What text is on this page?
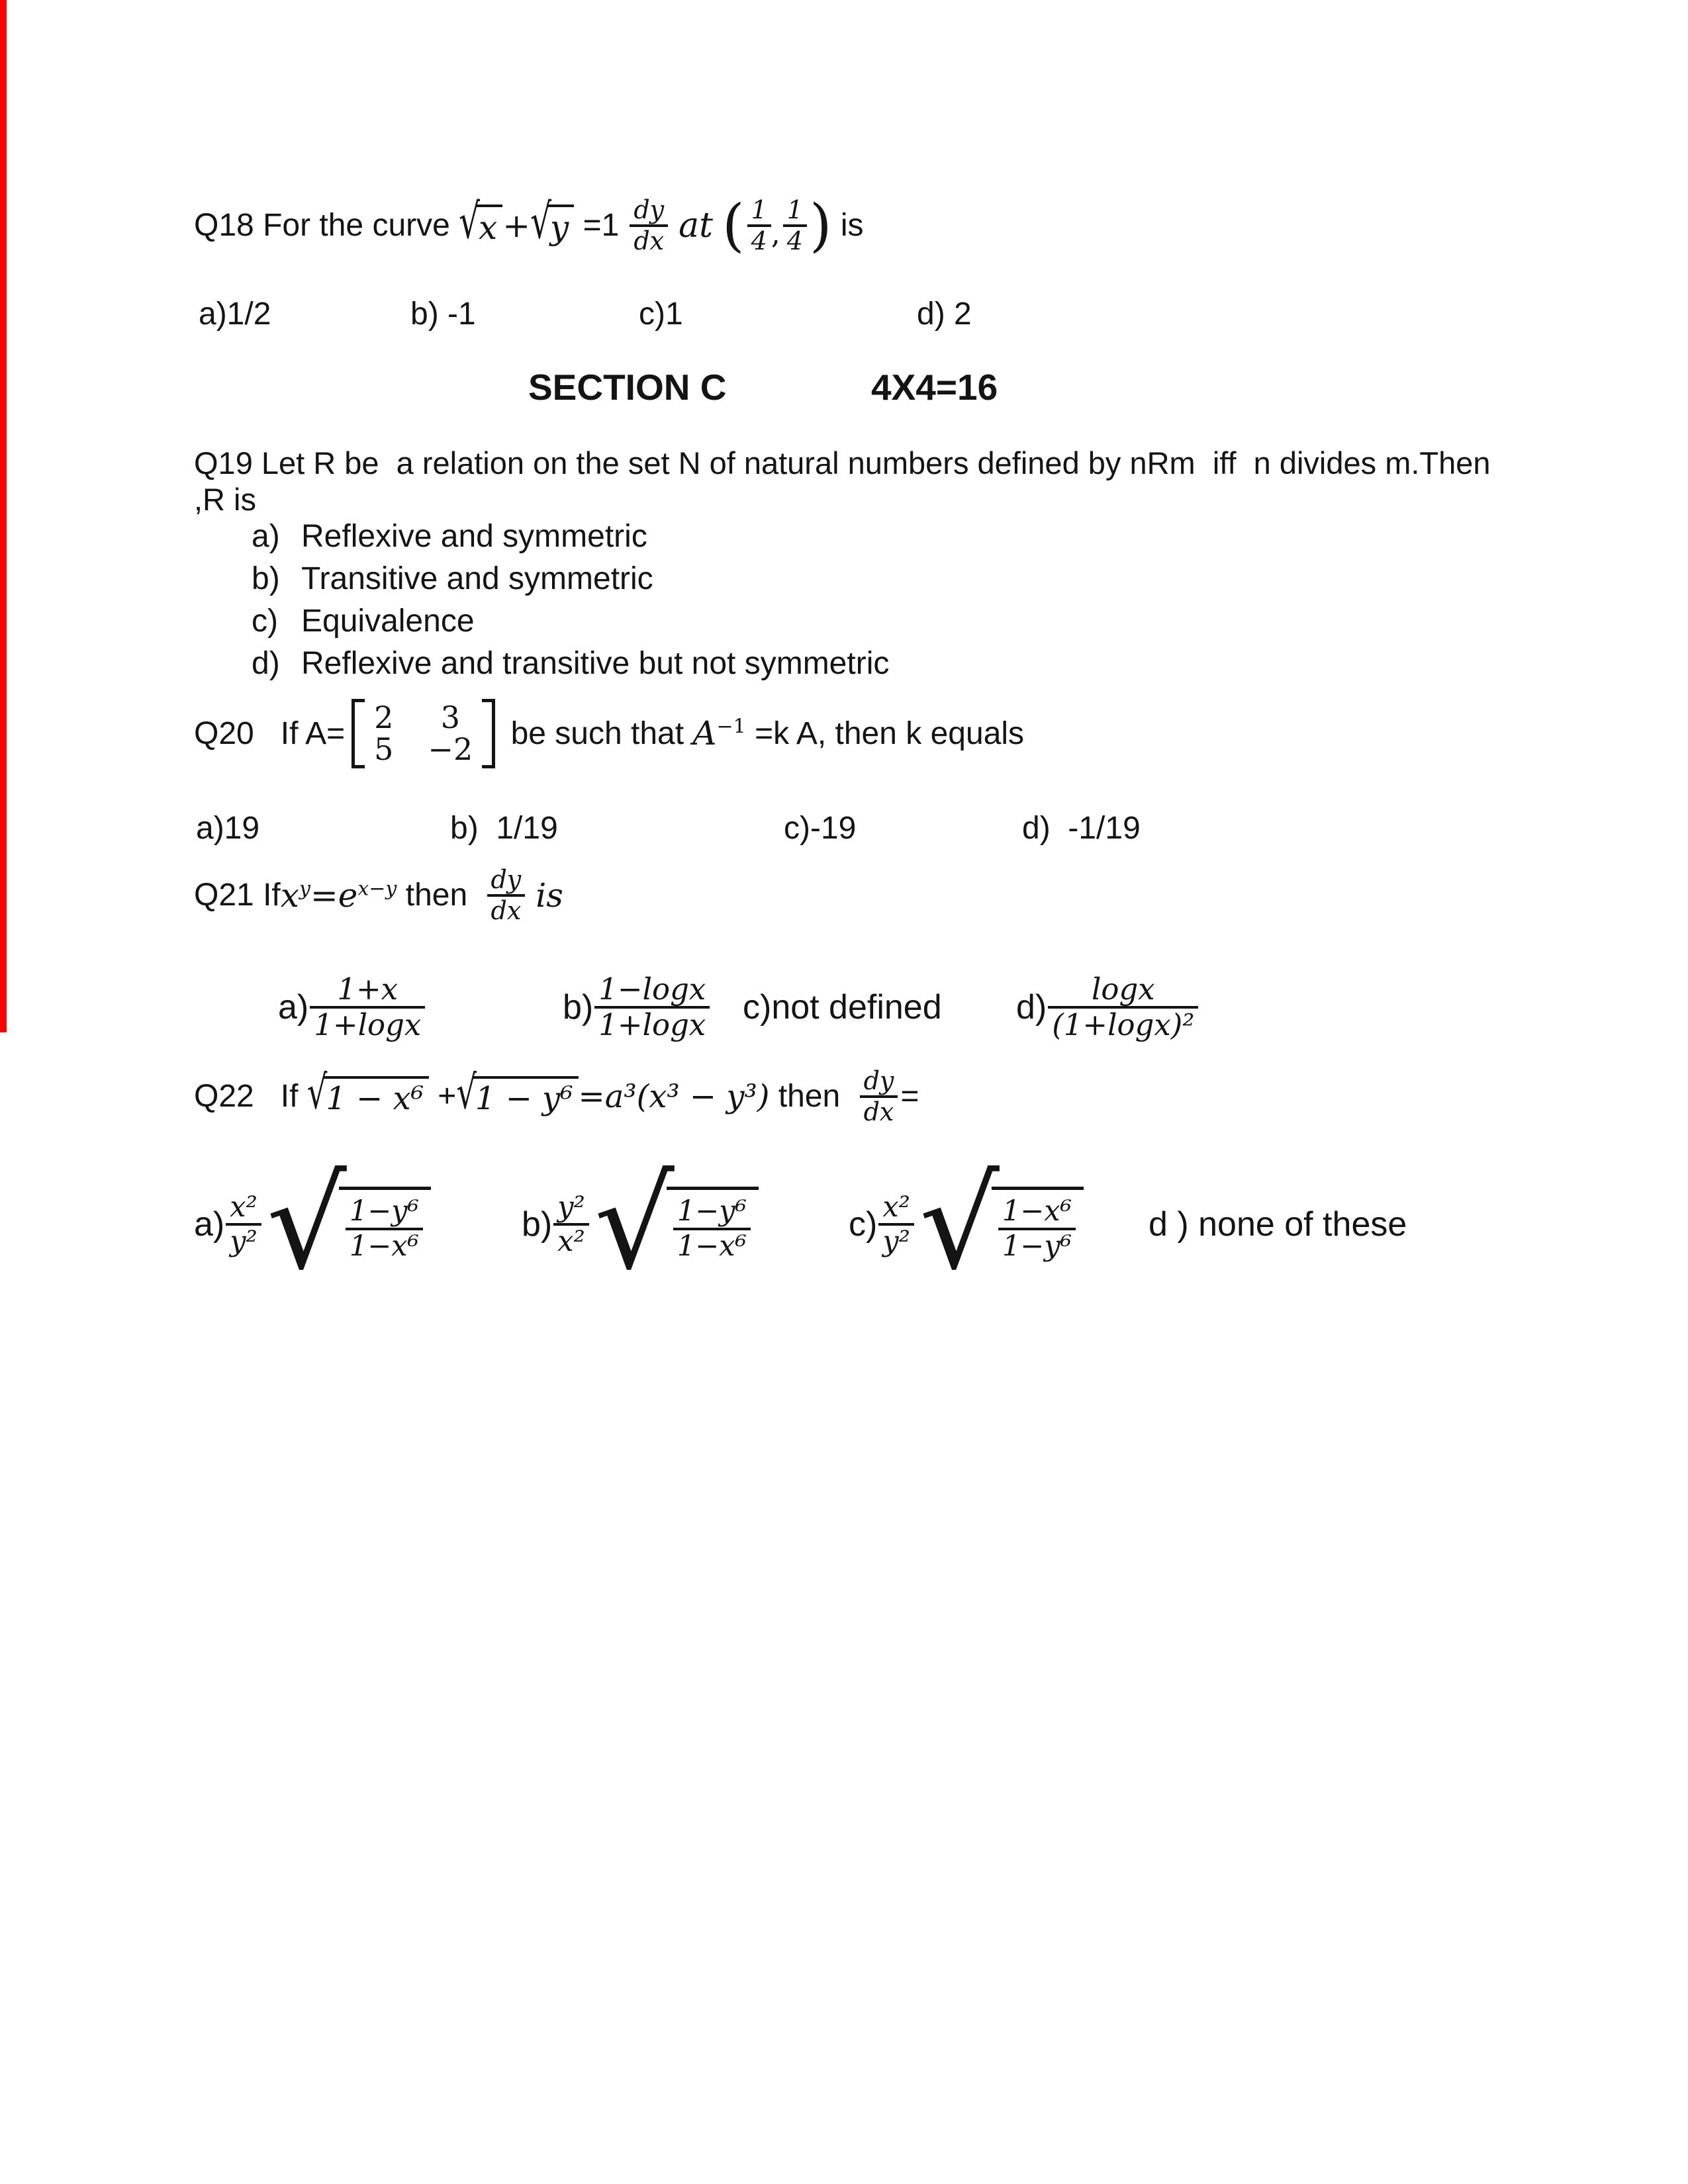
Q18 For the curve √
x + √
$y =1 \frac{dy}{dx}$ at ( $\frac{1}{4}$ , $\frac{1}{4}$ ) is
a)1/2	b) -1	c)1	d) 2
SECTION C	4X4=16
Q19 Let R be  a relation on the set N of natural numbers defined by nRm  iff  n divides m.Then ,R is
a) Reflexive and symmetric
b) Transitive and symmetric
c) Equivalence
d) Reflexive and transitive but not symmetric
Q20   If A= 2 3
5 −2 be such that $A^{-1} =k$ A, then k equals
a)19	b)  1/19	c)-19	d)  -1/19
Q21 If $x^y =e^{x-y}$ then $\frac{dy}{dx}$ is
$a) \frac{1+x}{1+\log x}$	$b) \frac{1-\log x}{1+\log x} c)not$ defined $d) \frac{\log x}{\text{(1+logx)²}}$
Q22   If √
1 − x⁶ + √
1 − y⁶ =a³(x³ − y³) then $\frac{dy}{dx}$ =
$a) \frac{\text{x²}}{\text{y²}}$ √
$\frac{\text{1−y⁶}}{\text{1−x⁶}}$	$b) \frac{\text{y²}}{\text{x²}}$ √
$\frac{\text{1−y⁶}}{\text{1−x⁶}}$	$c) \frac{\text{x²}}{\text{y²}}$ √
$\frac{\text{1−x⁶}}{\text{1−y⁶}}$ d ) none of these
